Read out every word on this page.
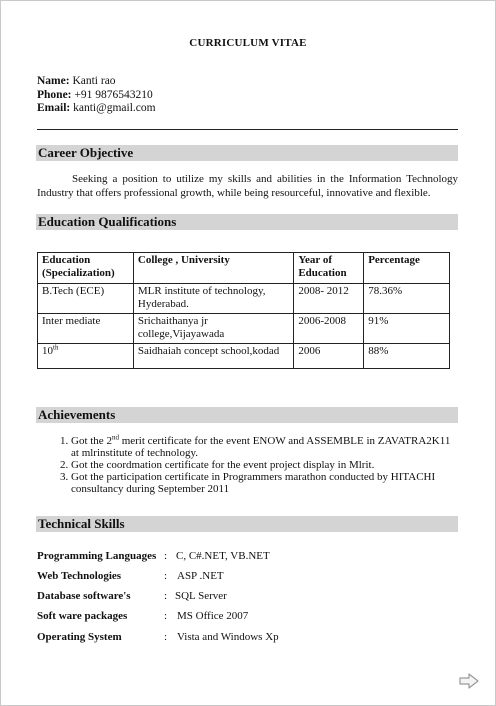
CURRICULUM VITAE
Name: Kanti rao
Phone: +91 9876543210
Email: kanti@gmail.com
Career Objective
Seeking a position to utilize my skills and abilities in the Information Technology Industry that offers professional growth, while being resourceful, innovative and flexible.
Education Qualifications
Education (Specialization)	College , University	Year of Education	Percentage
B.Tech (ECE)	MLR institute of technology, Hyderabad.	2008- 2012	78.36%
Inter mediate	Srichaithanya jr college,Vijayawada	2006-2008	91%
10th	Saidhaiah concept school,kodad	2006	88%
Achievements
1. Got the 2nd merit certificate for the event ENOW and ASSEMBLE in ZAVATRA2K11 at mlrinstitute of technology.
2. Got the coordmation certificate for the event project display in Mlrit.
3. Got the participation certificate in Programmers marathon conducted by HITACHI consultancy during September 2011
Technical Skills
Programming Languages : C, C#.NET, VB.NET
Web Technologies	: ASP .NET
Database software's	: SQL Server
Soft ware packages	: MS Office 2007
Operating System	: Vista and Windows Xp
